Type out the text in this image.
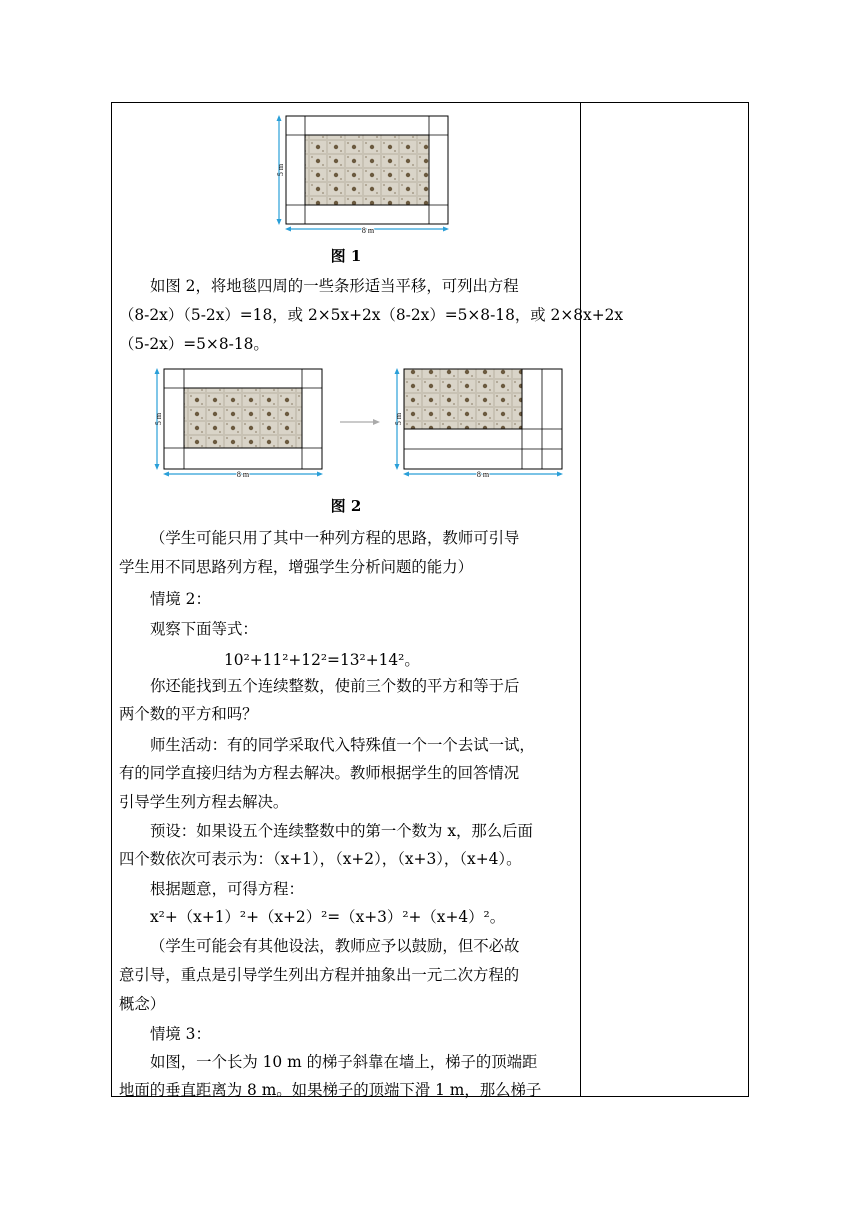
5 m
8 m
图 1
如图 2，将地毯四周的一些条形适当平移，可列出方程
（8-2x）（5-2x）=18，或 2×5x+2x（8-2x）=5×8-18，或 2×8x+2x
（5-2x）=5×8-18。
5 m
8 m
5 m
8 m
图 2
（学生可能只用了其中一种列方程的思路，教师可引导
学生用不同思路列方程，增强学生分析问题的能力）
情境 2：
观察下面等式：
10²+11²+12²=13²+14²。
你还能找到五个连续整数，使前三个数的平方和等于后
两个数的平方和吗？
师生活动：有的同学采取代入特殊值一个一个去试一试，
有的同学直接归结为方程去解决。教师根据学生的回答情况
引导学生列方程去解决。
预设：如果设五个连续整数中的第一个数为 x，那么后面
四个数依次可表示为：（x+1），（x+2），（x+3），（x+4）。
根据题意，可得方程：
x²+（x+1）²+（x+2）²=（x+3）²+（x+4）²。
（学生可能会有其他设法，教师应予以鼓励，但不必故
意引导，重点是引导学生列出方程并抽象出一元二次方程的
概念）
情境 3：
如图，一个长为 10 m 的梯子斜靠在墙上，梯子的顶端距
地面的垂直距离为 8 m。如果梯子的顶端下滑 1 m，那么梯子
